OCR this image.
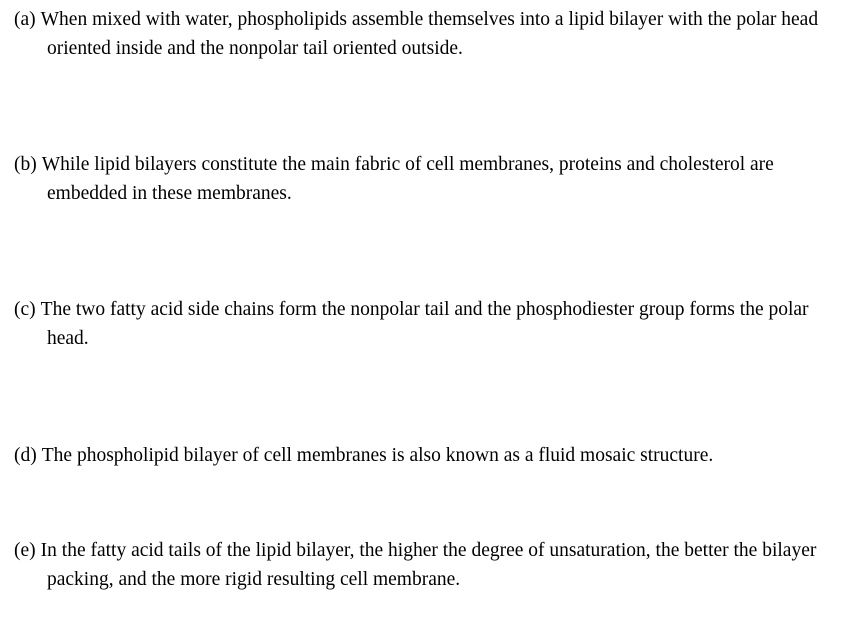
(a) When mixed with water, phospholipids assemble themselves into a lipid bilayer with the polar head oriented inside and the nonpolar tail oriented outside.
(b) While lipid bilayers constitute the main fabric of cell membranes, proteins and cholesterol are embedded in these membranes.
(c) The two fatty acid side chains form the nonpolar tail and the phosphodiester group forms the polar head.
(d) The phospholipid bilayer of cell membranes is also known as a fluid mosaic structure.
(e) In the fatty acid tails of the lipid bilayer, the higher the degree of unsaturation, the better the bilayer packing, and the more rigid resulting cell membrane.
